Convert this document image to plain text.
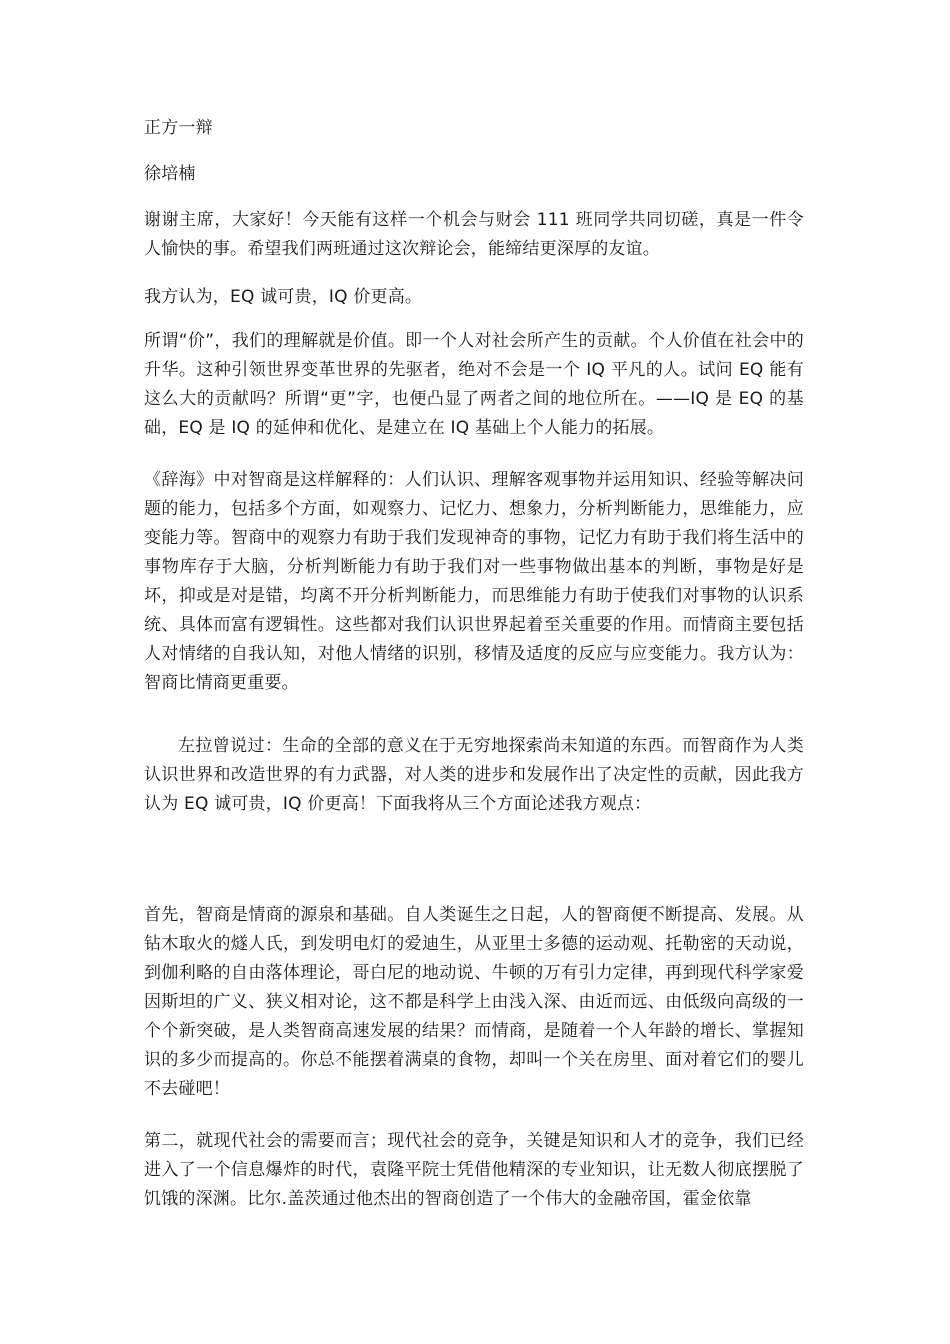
正方一辩

徐培楠

谢谢主席，大家好！今天能有这样一个机会与财会 111 班同学共同切磋，真是一件令人愉快的事。希望我们两班通过这次辩论会，能缔结更深厚的友谊。

我方认为，EQ 诚可贵，IQ 价更高。

所谓“价”，我们的理解就是价值。即一个人对社会所产生的贡献。个人价值在社会中的升华。这种引领世界变革世界的先驱者，绝对不会是一个 IQ 平凡的人。试问 EQ 能有这么大的贡献吗？所谓“更”字，也便凸显了两者之间的地位所在。——IQ 是 EQ 的基础，EQ 是 IQ 的延伸和优化、是建立在 IQ 基础上个人能力的拓展。

《辞海》中对智商是这样解释的：人们认识、理解客观事物并运用知识、经验等解决问题的能力，包括多个方面，如观察力、记忆力、想象力，分析判断能力，思维能力，应变能力等。智商中的观察力有助于我们发现神奇的事物，记忆力有助于我们将生活中的事物库存于大脑，分析判断能力有助于我们对一些事物做出基本的判断，事物是好是坏，抑或是对是错，均离不开分析判断能力，而思维能力有助于使我们对事物的认识系统、具体而富有逻辑性。这些都对我们认识世界起着至关重要的作用。而情商主要包括人对情绪的自我认知，对他人情绪的识别，移情及适度的反应与应变能力。我方认为：智商比情商更重要。

左拉曾说过：生命的全部的意义在于无穷地探索尚未知道的东西。而智商作为人类认识世界和改造世界的有力武器，对人类的进步和发展作出了决定性的贡献，因此我方认为 EQ 诚可贵，IQ 价更高！下面我将从三个方面论述我方观点：

首先，智商是情商的源泉和基础。自人类诞生之日起，人的智商便不断提高、发展。从钻木取火的燧人氏，到发明电灯的爱迪生，从亚里士多德的运动观、托勒密的天动说，到伽利略的自由落体理论，哥白尼的地动说、牛顿的万有引力定律，再到现代科学家爱因斯坦的广义、狭义相对论，这不都是科学上由浅入深、由近而远、由低级向高级的一个个新突破，是人类智商高速发展的结果？而情商，是随着一个人年龄的增长、掌握知识的多少而提高的。你总不能摆着满桌的食物，却叫一个关在房里、面对着它们的婴儿不去碰吧！

第二，就现代社会的需要而言；现代社会的竞争，关键是知识和人才的竞争，我们已经进入了一个信息爆炸的时代，袁隆平院士凭借他精深的专业知识，让无数人彻底摆脱了饥饿的深渊。比尔.盖茨通过他杰出的智商创造了一个伟大的金融帝国，霍金依靠
